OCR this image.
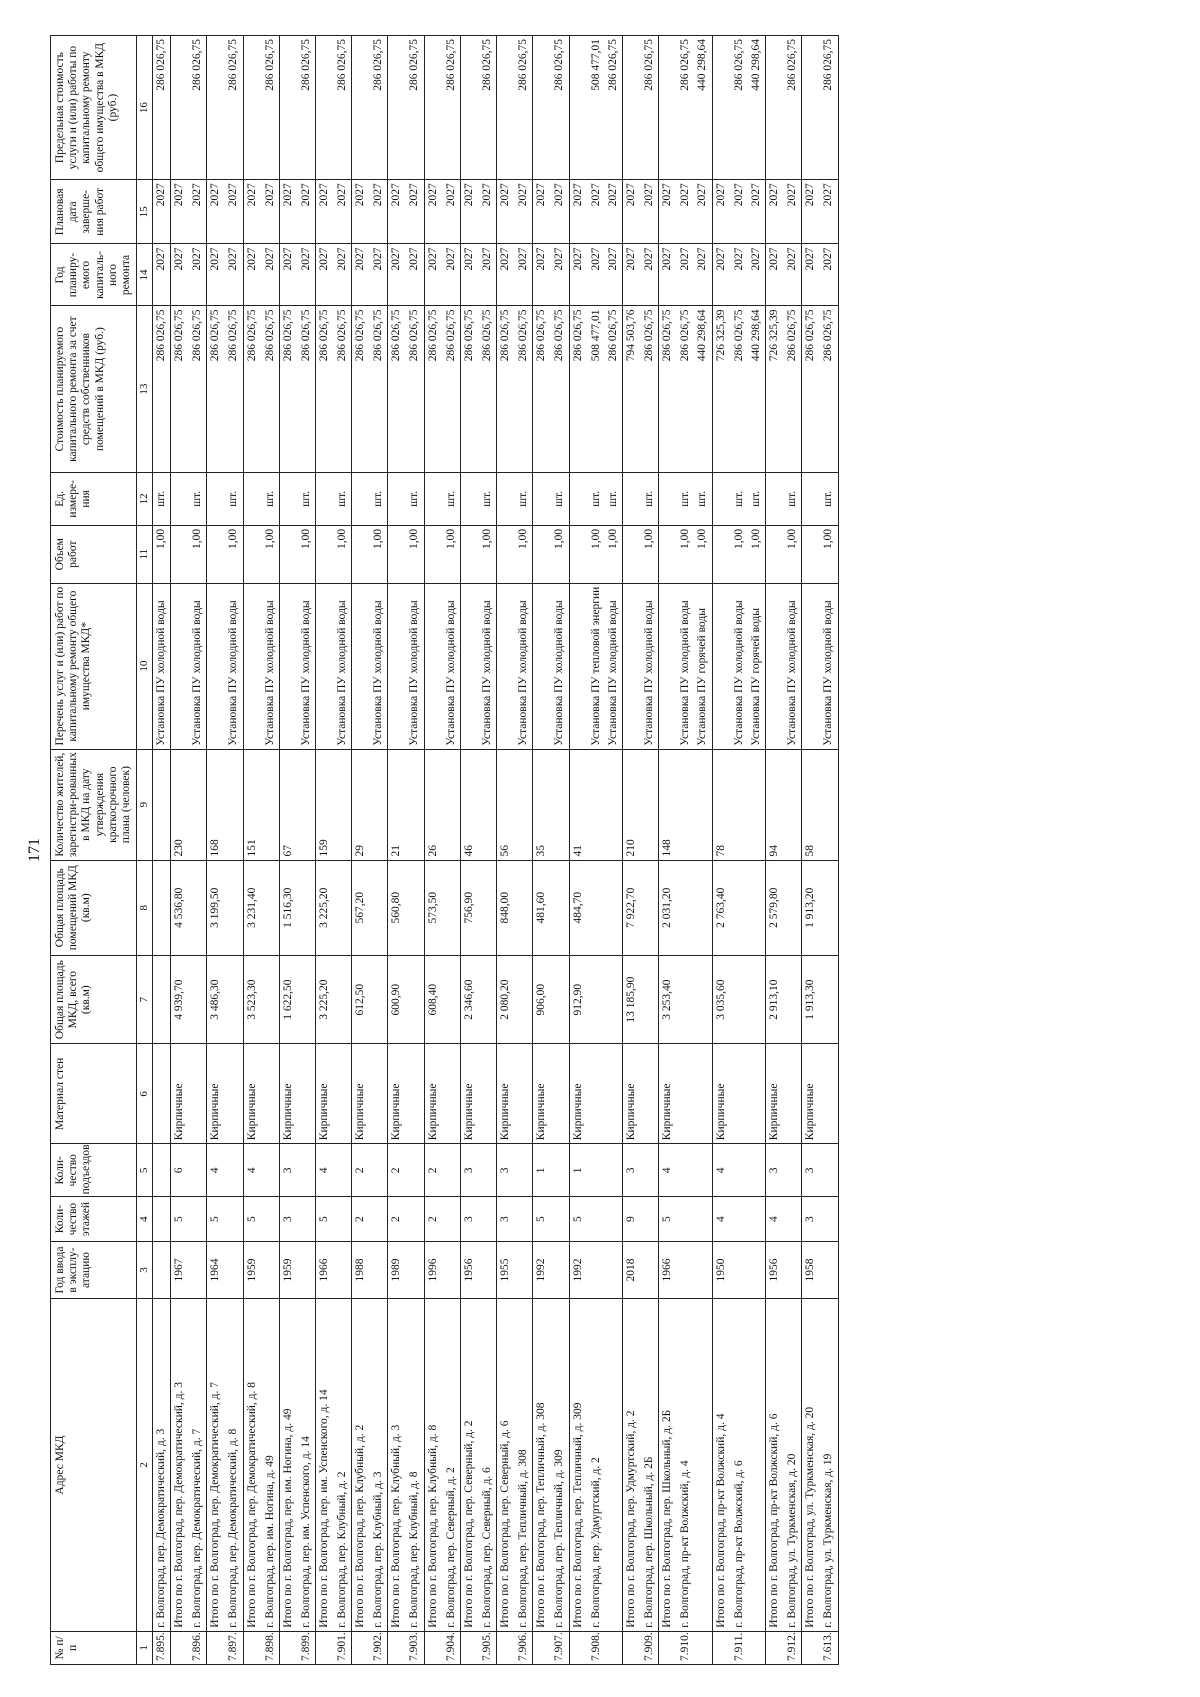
171
№ п/п	Адрес МКД	Год ввода в эксплу-атацию	Коли-чество этажей	Коли-чество подъездов	Материал стен	Общая площадь МКД, всего (кв.м)	Общая площадь помещений МКД (кв.м)	Количество жителей, зарегистри-рованных в МКД на дату утверждения краткосрочного плана (человек)	Перечень услуг и (или) работ по капитальному ремонту общего имущества МКД*	Объем работ	Ед. измере-ния	Стоимость планируемого капитального ремонта за счет средств собственников помещений в МКД (руб.)	Год планиру-емого капиталь-ного ремонта	Плановая дата заверше-ния работ	Предельная стоимость услуги и (или) работы по капитальному ремонту общего имущества в МКД (руб.)
1	2	3	4	5	6	7	8	9	10	11	12	13	14	15	16
7.895.	г. Волгоград, пер. Демократический, д. 3								Установка ПУ холодной воды	1,00	шт.	286 026,75	2027	2027	286 026,75
	Итого по г. Волгоград, пер. Демократический, д. 3	1967	5	6	Кирпичные	4 939,70	4 536,80	230				286 026,75	2027	2027	
7.896.	г. Волгоград, пер. Демократический, д. 7								Установка ПУ холодной воды	1,00	шт.	286 026,75	2027	2027	286 026,75
	Итого по г. Волгоград, пер. Демократический, д. 7	1964	5	4	Кирпичные	3 486,30	3 199,50	168				286 026,75	2027	2027	
7.897.	г. Волгоград, пер. Демократический, д. 8								Установка ПУ холодной воды	1,00	шт.	286 026,75	2027	2027	286 026,75
	Итого по г. Волгоград, пер. Демократический, д. 8	1959	5	4	Кирпичные	3 523,30	3 231,40	151				286 026,75	2027	2027	
7.898.	г. Волгоград, пер. им. Ногина, д. 49								Установка ПУ холодной воды	1,00	шт.	286 026,75	2027	2027	286 026,75
	Итого по г. Волгоград, пер. им. Ногина, д. 49	1959	3	3	Кирпичные	1 622,50	1 516,30	67				286 026,75	2027	2027	
7.899.	г. Волгоград, пер. им. Успенского, д. 14								Установка ПУ холодной воды	1,00	шт.	286 026,75	2027	2027	286 026,75
	Итого по г. Волгоград, пер. им. Успенского, д. 14	1966	5	4	Кирпичные	3 225,20	3 225,20	159				286 026,75	2027	2027	
7.901.	г. Волгоград, пер. Клубный, д. 2								Установка ПУ холодной воды	1,00	шт.	286 026,75	2027	2027	286 026,75
	Итого по г. Волгоград, пер. Клубный, д. 2	1988	2	2	Кирпичные	612,50	567,20	29				286 026,75	2027	2027	
7.902.	г. Волгоград, пер. Клубный, д. 3								Установка ПУ холодной воды	1,00	шт.	286 026,75	2027	2027	286 026,75
	Итого по г. Волгоград, пер. Клубный, д. 3	1989	2	2	Кирпичные	600,90	560,80	21				286 026,75	2027	2027	
7.903.	г. Волгоград, пер. Клубный, д. 8								Установка ПУ холодной воды	1,00	шт.	286 026,75	2027	2027	286 026,75
	Итого по г. Волгоград, пер. Клубный, д. 8	1996	2	2	Кирпичные	608,40	573,50	26				286 026,75	2027	2027	
7.904.	г. Волгоград, пер. Северный, д. 2								Установка ПУ холодной воды	1,00	шт.	286 026,75	2027	2027	286 026,75
	Итого по г. Волгоград, пер. Северный, д. 2	1956	3	3	Кирпичные	2 346,60	756,90	46				286 026,75	2027	2027	
7.905.	г. Волгоград, пер. Северный, д. 6								Установка ПУ холодной воды	1,00	шт.	286 026,75	2027	2027	286 026,75
	Итого по г. Волгоград, пер. Северный, д. 6	1955	3	3	Кирпичные	2 080,20	848,00	56				286 026,75	2027	2027	
7.906.	г. Волгоград, пер. Тепличный, д. 308								Установка ПУ холодной воды	1,00	шт.	286 026,75	2027	2027	286 026,75
	Итого по г. Волгоград, пер. Тепличный, д. 308	1992	5	1	Кирпичные	906,00	481,60	35				286 026,75	2027	2027	
7.907.	г. Волгоград, пер. Тепличный, д. 309								Установка ПУ холодной воды	1,00	шт.	286 026,75	2027	2027	286 026,75
	Итого по г. Волгоград, пер. Тепличный, д. 309	1992	5	1	Кирпичные	912,90	484,70	41				286 026,75	2027	2027	
7.908.	г. Волгоград, пер. Удмуртский, д. 2								Установка ПУ тепловой энергии	1,00	шт.	508 477,01	2027	2027	508 477,01
									Установка ПУ холодной воды	1,00	шт.	286 026,75	2027	2027	286 026,75
	Итого по г. Волгоград, пер. Удмуртский, д. 2	2018	9	3	Кирпичные	13 185,90	7 922,70	210				794 503,76	2027	2027	
7.909.	г. Волгоград, пер. Школьный, д. 2Б								Установка ПУ холодной воды	1,00	шт.	286 026,75	2027	2027	286 026,75
	Итого по г. Волгоград, пер. Школьный, д. 2Б	1966	5	4	Кирпичные	3 253,40	2 031,20	148				286 026,75	2027	2027	
7.910.	г. Волгоград, пр-кт Волжский, д. 4								Установка ПУ холодной воды	1,00	шт.	286 026,75	2027	2027	286 026,75
									Установка ПУ горячей воды	1,00	шт.	440 298,64	2027	2027	440 298,64
	Итого по г. Волгоград, пр-кт Волжский, д. 4	1950	4	4	Кирпичные	3 035,60	2 763,40	78				726 325,39	2027	2027	
7.911.	г. Волгоград, пр-кт Волжский, д. 6								Установка ПУ холодной воды	1,00	шт.	286 026,75	2027	2027	286 026,75
									Установка ПУ горячей воды	1,00	шт.	440 298,64	2027	2027	440 298,64
	Итого по г. Волгоград, пр-кт Волжский, д. 6	1956	4	3	Кирпичные	2 913,10	2 579,80	94				726 325,39	2027	2027	
7.912.	г. Волгоград, ул. Туркменская, д. 20								Установка ПУ холодной воды	1,00	шт.	286 026,75	2027	2027	286 026,75
	Итого по г. Волгоград, ул. Туркменская, д. 20	1958	3	3	Кирпичные	1 913,30	1 913,20	58				286 026,75	2027	2027	
7.613.	г. Волгоград, ул. Туркменская, д. 19								Установка ПУ холодной воды	1,00	шт.	286 026,75	2027	2027	286 026,75
